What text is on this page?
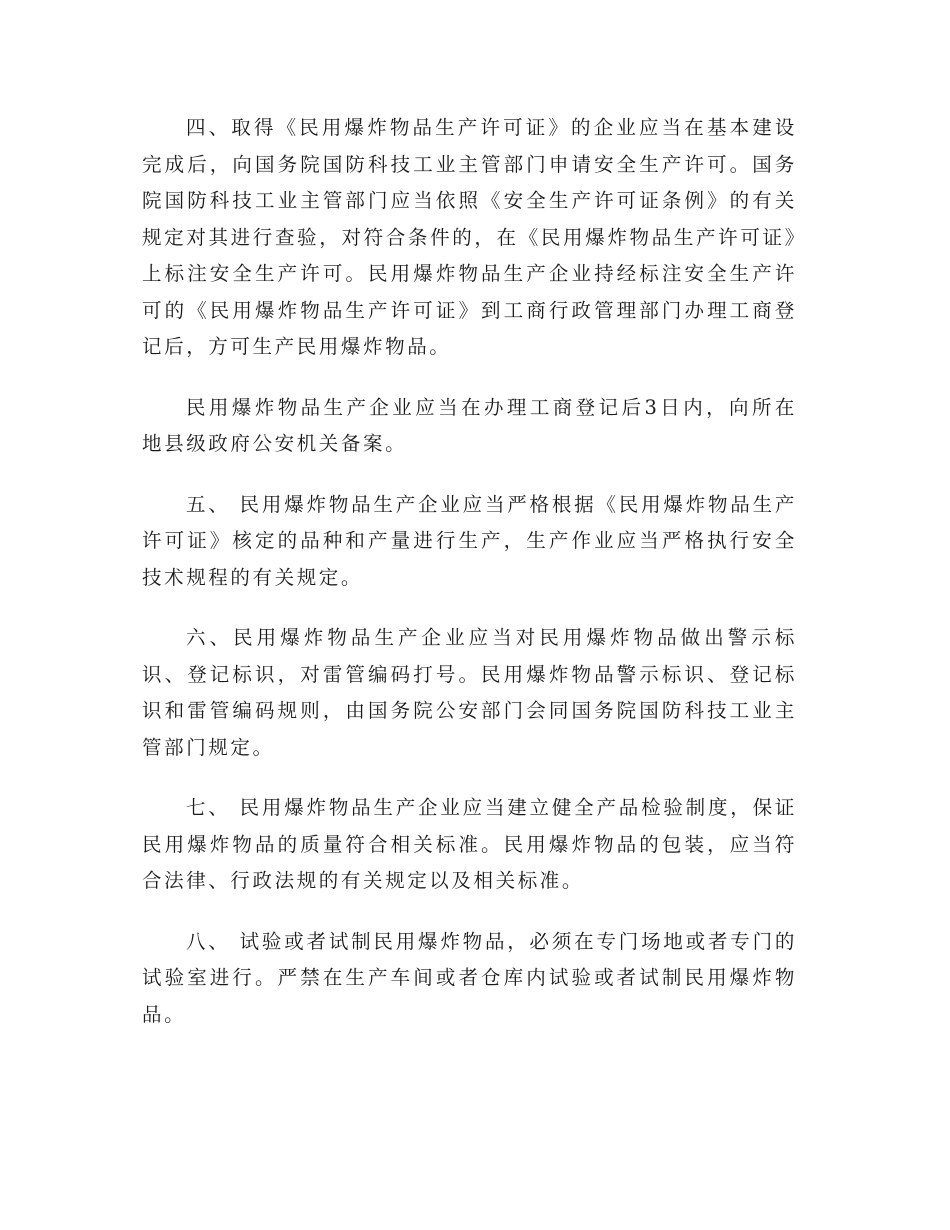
四、取得《民用爆炸物品生产许可证》的企业应当在基本建设完成后，向国务院国防科技工业主管部门申请安全生产许可。国务院国防科技工业主管部门应当依照《安全生产许可证条例》的有关规定对其进行查验，对符合条件的，在《民用爆炸物品生产许可证》上标注安全生产许可。民用爆炸物品生产企业持经标注安全生产许可的《民用爆炸物品生产许可证》到工商行政管理部门办理工商登记后，方可生产民用爆炸物品。

民用爆炸物品生产企业应当在办理工商登记后3日内，向所在地县级政府公安机关备案。

五、 民用爆炸物品生产企业应当严格根据《民用爆炸物品生产许可证》核定的品种和产量进行生产，生产作业应当严格执行安全技术规程的有关规定。

六、民用爆炸物品生产企业应当对民用爆炸物品做出警示标识、登记标识，对雷管编码打号。民用爆炸物品警示标识、登记标识和雷管编码规则，由国务院公安部门会同国务院国防科技工业主管部门规定。

七、 民用爆炸物品生产企业应当建立健全产品检验制度，保证民用爆炸物品的质量符合相关标准。民用爆炸物品的包装，应当符合法律、行政法规的有关规定以及相关标准。

八、 试验或者试制民用爆炸物品，必须在专门场地或者专门的试验室进行。严禁在生产车间或者仓库内试验或者试制民用爆炸物品。
